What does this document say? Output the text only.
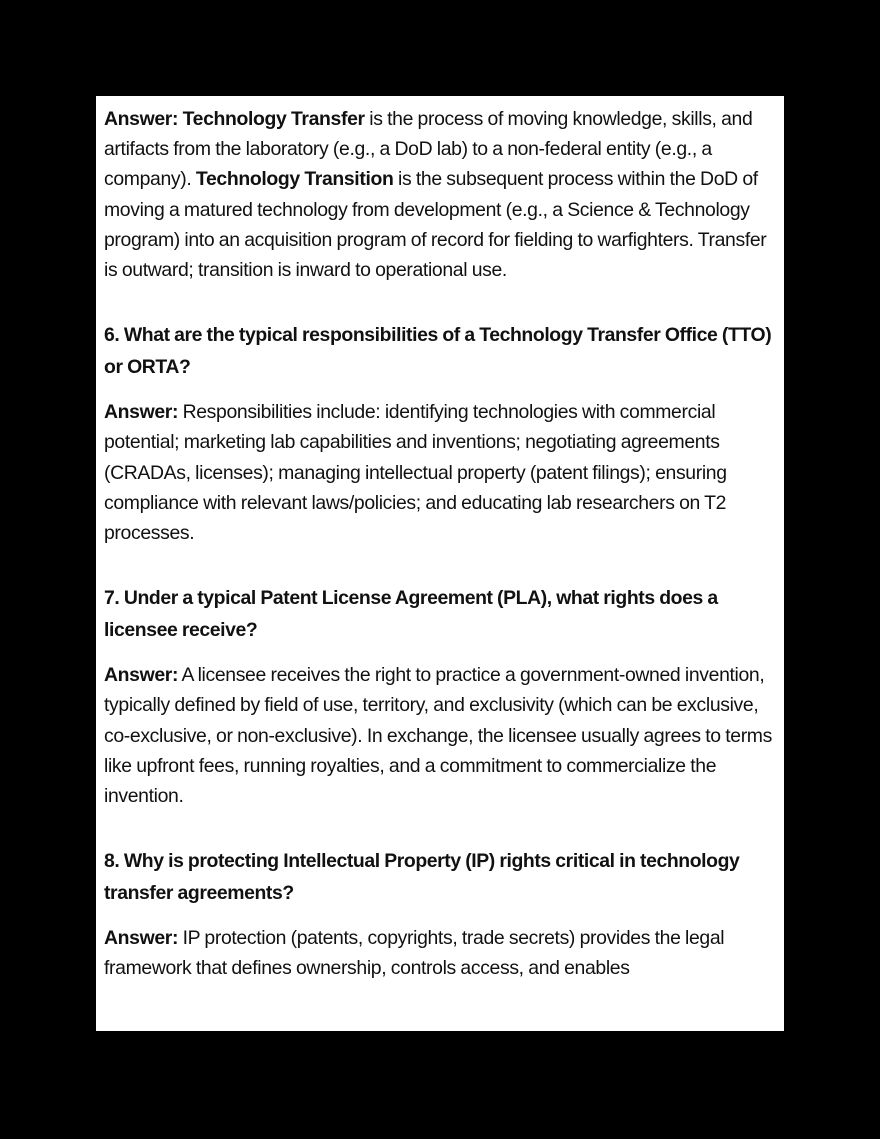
Answer: Technology Transfer is the process of moving knowledge, skills, and artifacts from the laboratory (e.g., a DoD lab) to a non-federal entity (e.g., a company). Technology Transition is the subsequent process within the DoD of moving a matured technology from development (e.g., a Science & Technology program) into an acquisition program of record for fielding to warfighters. Transfer is outward; transition is inward to operational use.

6. What are the typical responsibilities of a Technology Transfer Office (TTO) or ORTA?

Answer: Responsibilities include: identifying technologies with commercial potential; marketing lab capabilities and inventions; negotiating agreements (CRADAs, licenses); managing intellectual property (patent filings); ensuring compliance with relevant laws/policies; and educating lab researchers on T2 processes.

7. Under a typical Patent License Agreement (PLA), what rights does a licensee receive?

Answer: A licensee receives the right to practice a government-owned invention, typically defined by field of use, territory, and exclusivity (which can be exclusive, co-exclusive, or non-exclusive). In exchange, the licensee usually agrees to terms like upfront fees, running royalties, and a commitment to commercialize the invention.

8. Why is protecting Intellectual Property (IP) rights critical in technology transfer agreements?

Answer: IP protection (patents, copyrights, trade secrets) provides the legal framework that defines ownership, controls access, and enables
